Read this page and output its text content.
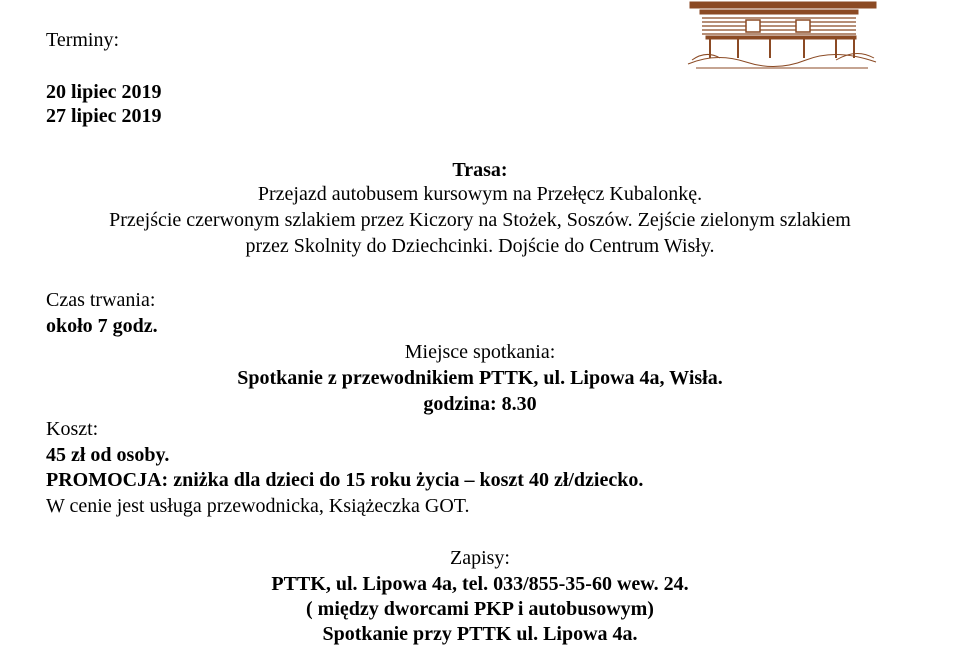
Terminy:
20 lipiec 2019
27 lipiec 2019
Trasa:
Przejazd autobusem kursowym na Przełęcz Kubalonkę.
Przejście czerwonym szlakiem przez Kiczory na Stożek, Soszów. Zejście zielonym szlakiem
przez Skolnity do Dziechcinki. Dojście do Centrum Wisły.
Czas trwania:
około 7 godz.
Miejsce spotkania:
Spotkanie z przewodnikiem PTTK, ul. Lipowa 4a, Wisła.
godzina: 8.30
Koszt:
45 zł od osoby.
PROMOCJA: zniżka dla dzieci do 15 roku życia – koszt 40 zł/dziecko.
W cenie jest usługa przewodnicka, Książeczka GOT.
Zapisy:
PTTK, ul. Lipowa 4a, tel. 033/855-35-60 wew. 24.
( między dworcami PKP i autobusowym)
Spotkanie przy PTTK ul. Lipowa 4a.
